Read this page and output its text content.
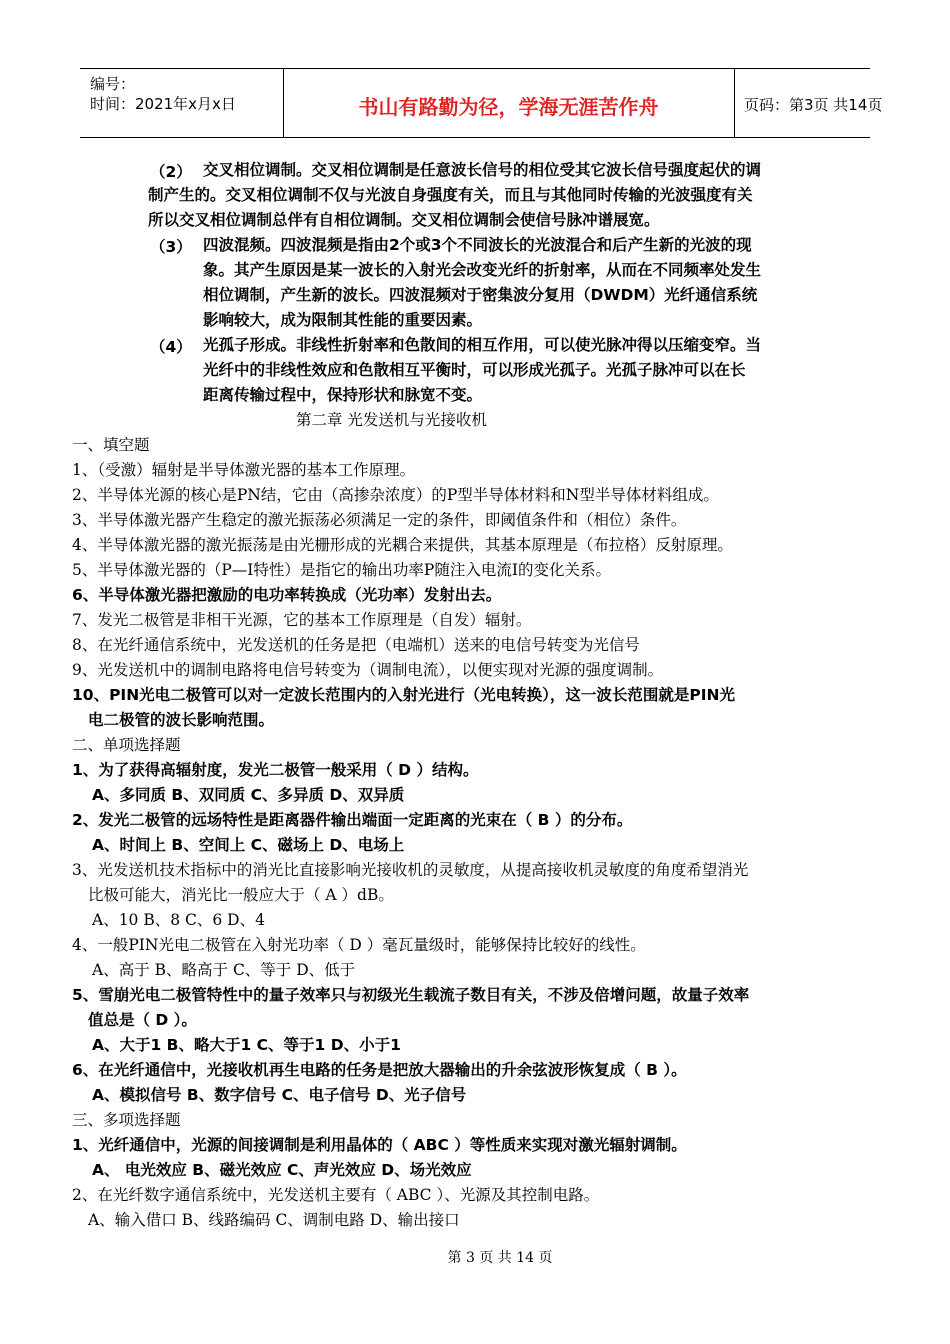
编号：
时间：2021年x月x日	书山有路勤为径，学海无涯苦作舟	页码：第3页 共14页
（2） 交叉相位调制。交叉相位调制是任意波长信号的相位受其它波长信号强度起伏的调
制产生的。交叉相位调制不仅与光波自身强度有关，而且与其他同时传输的光波强度有关
所以交叉相位调制总伴有自相位调制。交叉相位调制会使信号脉冲谱展宽。
（3） 四波混频。四波混频是指由2个或3个不同波长的光波混合和后产生新的光波的现
象。其产生原因是某一波长的入射光会改变光纤的折射率，从而在不同频率处发生
相位调制，产生新的波长。四波混频对于密集波分复用（DWDM）光纤通信系统
影响较大，成为限制其性能的重要因素。
（4） 光孤子形成。非线性折射率和色散间的相互作用，可以使光脉冲得以压缩变窄。当
光纤中的非线性效应和色散相互平衡时，可以形成光孤子。光孤子脉冲可以在长
距离传输过程中，保持形状和脉宽不变。
第二章 光发送机与光接收机
一、填空题
1、（受激）辐射是半导体激光器的基本工作原理。
2、半导体光源的核心是PN结，它由（高掺杂浓度）的P型半导体材料和N型半导体材料组成。
3、半导体激光器产生稳定的激光振荡必须满足一定的条件，即阈值条件和（相位）条件。
4、半导体激光器的激光振荡是由光栅形成的光耦合来提供，其基本原理是（布拉格）反射原理。
5、半导体激光器的（P—I特性）是指它的输出功率P随注入电流I的变化关系。
6、半导体激光器把激励的电功率转换成（光功率）发射出去。
7、发光二极管是非相干光源，它的基本工作原理是（自发）辐射。
8、在光纤通信系统中，光发送机的任务是把（电端机）送来的电信号转变为光信号
9、光发送机中的调制电路将电信号转变为（调制电流），以便实现对光源的强度调制。
10、PIN光电二极管可以对一定波长范围内的入射光进行（光电转换），这一波长范围就是PIN光
电二极管的波长影响范围。
二、单项选择题
1、为了获得高辐射度，发光二极管一般采用（ D ）结构。
A、多同质 B、双同质 C、多异质 D、双异质
2、发光二极管的远场特性是距离器件输出端面一定距离的光束在（ B ）的分布。
A、时间上 B、空间上 C、磁场上 D、电场上
3、光发送机技术指标中的消光比直接影响光接收机的灵敏度，从提高接收机灵敏度的角度希望消光
比极可能大，消光比一般应大于（ A ）dB。
A、10 B、8 C、6 D、4
4、一般PIN光电二极管在入射光功率（ D ）毫瓦量级时，能够保持比较好的线性。
A、高于 B、略高于 C、等于 D、低于
5、雪崩光电二极管特性中的量子效率只与初级光生载流子数目有关，不涉及倍增问题，故量子效率
值总是（ D ）。
A、大于1 B、略大于1 C、等于1 D、小于1
6、在光纤通信中，光接收机再生电路的任务是把放大器输出的升余弦波形恢复成（ B ）。
A、模拟信号 B、数字信号 C、电子信号 D、光子信号
三、多项选择题
1、光纤通信中，光源的间接调制是利用晶体的（ ABC ）等性质来实现对激光辐射调制。
A、 电光效应 B、磁光效应 C、声光效应 D、场光效应
2、在光纤数字通信系统中，光发送机主要有（ ABC ）、光源及其控制电路。
A、输入借口 B、线路编码 C、调制电路 D、输出接口
第 3 页 共 14 页
